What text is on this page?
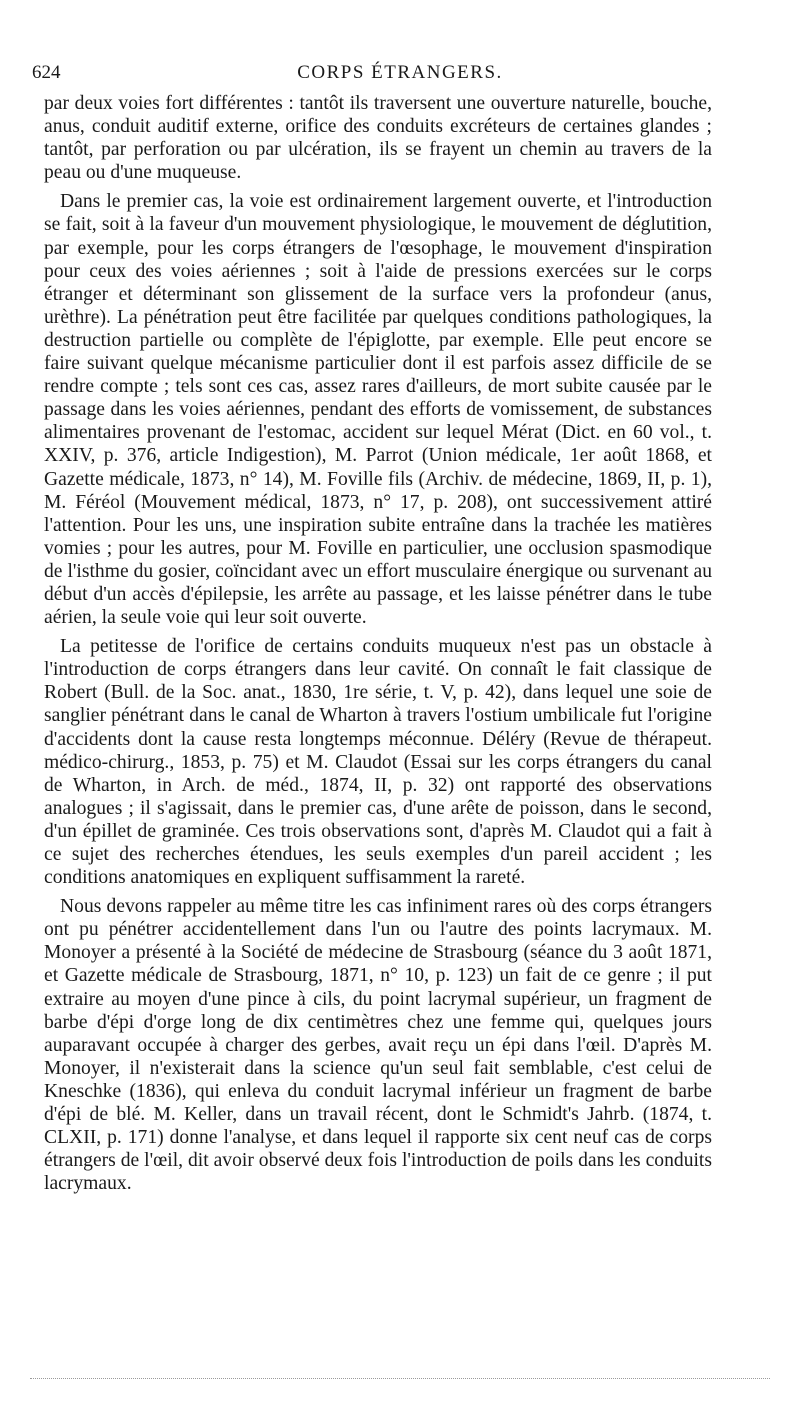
624	CORPS ÉTRANGERS.

par deux voies fort différentes : tantôt ils traversent une ouverture naturelle, bouche, anus, conduit auditif externe, orifice des conduits excréteurs de certaines glandes ; tantôt, par perforation ou par ulcération, ils se frayent un chemin au travers de la peau ou d'une muqueuse.

Dans le premier cas, la voie est ordinairement largement ouverte, et l'introduction se fait, soit à la faveur d'un mouvement physiologique, le mouvement de déglutition, par exemple, pour les corps étrangers de l'œsophage, le mouvement d'inspiration pour ceux des voies aériennes ; soit à l'aide de pressions exercées sur le corps étranger et déterminant son glissement de la surface vers la profondeur (anus, urèthre). La pénétration peut être facilitée par quelques conditions pathologiques, la destruction partielle ou complète de l'épiglotte, par exemple. Elle peut encore se faire suivant quelque mécanisme particulier dont il est parfois assez difficile de se rendre compte ; tels sont ces cas, assez rares d'ailleurs, de mort subite causée par le passage dans les voies aériennes, pendant des efforts de vomissement, de substances alimentaires provenant de l'estomac, accident sur lequel Mérat (Dict. en 60 vol., t. XXIV, p. 376, article Indigestion), M. Parrot (Union médicale, 1er août 1868, et Gazette médicale, 1873, n° 14), M. Foville fils (Archiv. de médecine, 1869, II, p. 1), M. Féréol (Mouvement médical, 1873, n° 17, p. 208), ont successivement attiré l'attention. Pour les uns, une inspiration subite entraîne dans la trachée les matières vomies ; pour les autres, pour M. Foville en particulier, une occlusion spasmodique de l'isthme du gosier, coïncidant avec un effort musculaire énergique ou survenant au début d'un accès d'épilepsie, les arrête au passage, et les laisse pénétrer dans le tube aérien, la seule voie qui leur soit ouverte.

La petitesse de l'orifice de certains conduits muqueux n'est pas un obstacle à l'introduction de corps étrangers dans leur cavité. On connaît le fait classique de Robert (Bull. de la Soc. anat., 1830, 1re série, t. V, p. 42), dans lequel une soie de sanglier pénétrant dans le canal de Wharton à travers l'ostium umbilicale fut l'origine d'accidents dont la cause resta longtemps méconnue. Déléry (Revue de thérapeut. médico-chirurg., 1853, p. 75) et M. Claudot (Essai sur les corps étrangers du canal de Wharton, in Arch. de méd., 1874, II, p. 32) ont rapporté des observations analogues ; il s'agissait, dans le premier cas, d'une arête de poisson, dans le second, d'un épillet de graminée. Ces trois observations sont, d'après M. Claudot qui a fait à ce sujet des recherches étendues, les seuls exemples d'un pareil accident ; les conditions anatomiques en expliquent suffisamment la rareté.

Nous devons rappeler au même titre les cas infiniment rares où des corps étrangers ont pu pénétrer accidentellement dans l'un ou l'autre des points lacrymaux. M. Monoyer a présenté à la Société de médecine de Strasbourg (séance du 3 août 1871, et Gazette médicale de Strasbourg, 1871, n° 10, p. 123) un fait de ce genre ; il put extraire au moyen d'une pince à cils, du point lacrymal supérieur, un fragment de barbe d'épi d'orge long de dix centimètres chez une femme qui, quelques jours auparavant occupée à charger des gerbes, avait reçu un épi dans l'œil. D'après M. Monoyer, il n'existerait dans la science qu'un seul fait semblable, c'est celui de Kneschke (1836), qui enleva du conduit lacrymal inférieur un fragment de barbe d'épi de blé. M. Keller, dans un travail récent, dont le Schmidt's Jahrb. (1874, t. CLXII, p. 171) donne l'analyse, et dans lequel il rapporte six cent neuf cas de corps étrangers de l'œil, dit avoir observé deux fois l'introduction de poils dans les conduits lacrymaux.
